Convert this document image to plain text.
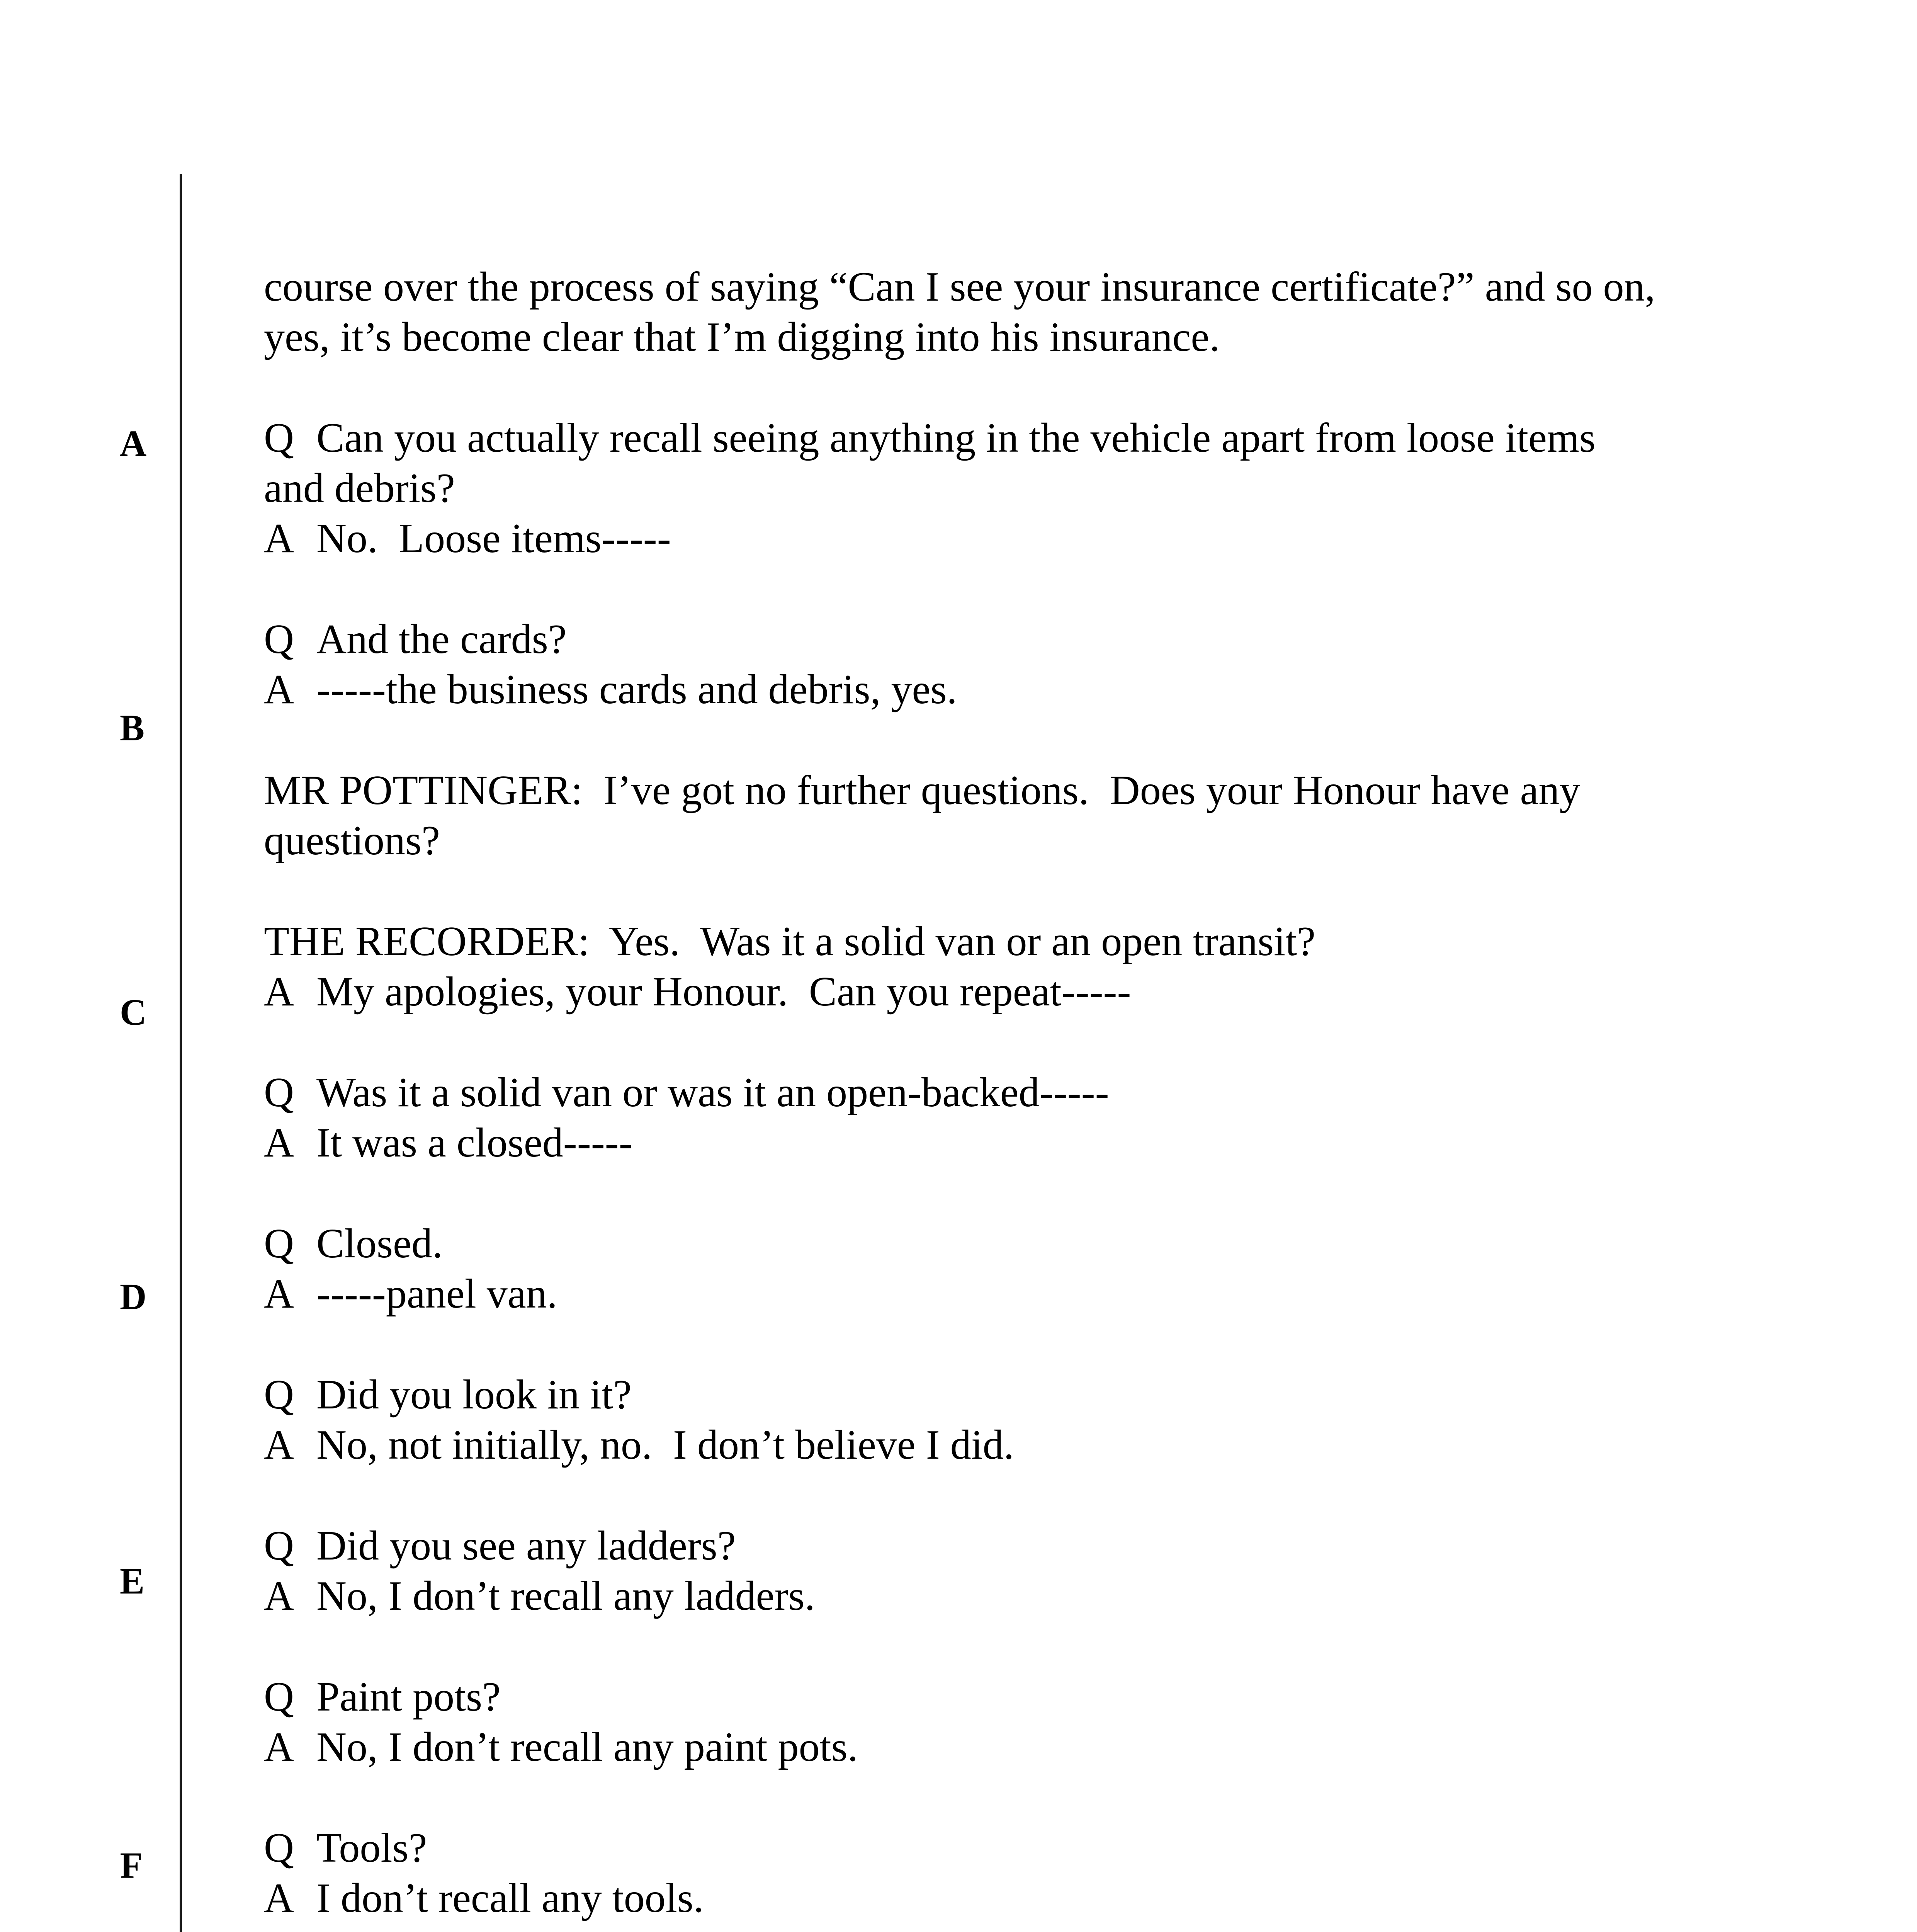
A
B
C
D
E
F
course over the process of saying “Can I see your insurance certificate?” and so on,
yes, it’s become clear that I’m digging into his insurance.
Q Can you actually recall seeing anything in the vehicle apart from loose items
and debris?
A No.  Loose items-----
Q And the cards?
A -----the business cards and debris, yes.
MR POTTINGER: I’ve got no further questions.  Does your Honour have any
questions?
THE RECORDER: Yes.  Was it a solid van or an open transit?
A My apologies, your Honour.  Can you repeat-----
Q Was it a solid van or was it an open-backed-----
A It was a closed-----
Q Closed.
A -----panel van.
Q Did you look in it?
A No, not initially, no.  I don’t believe I did.
Q Did you see any ladders?
A No, I don’t recall any ladders.
Q Paint pots?
A No, I don’t recall any paint pots.
Q Tools?
A I don’t recall any tools.
